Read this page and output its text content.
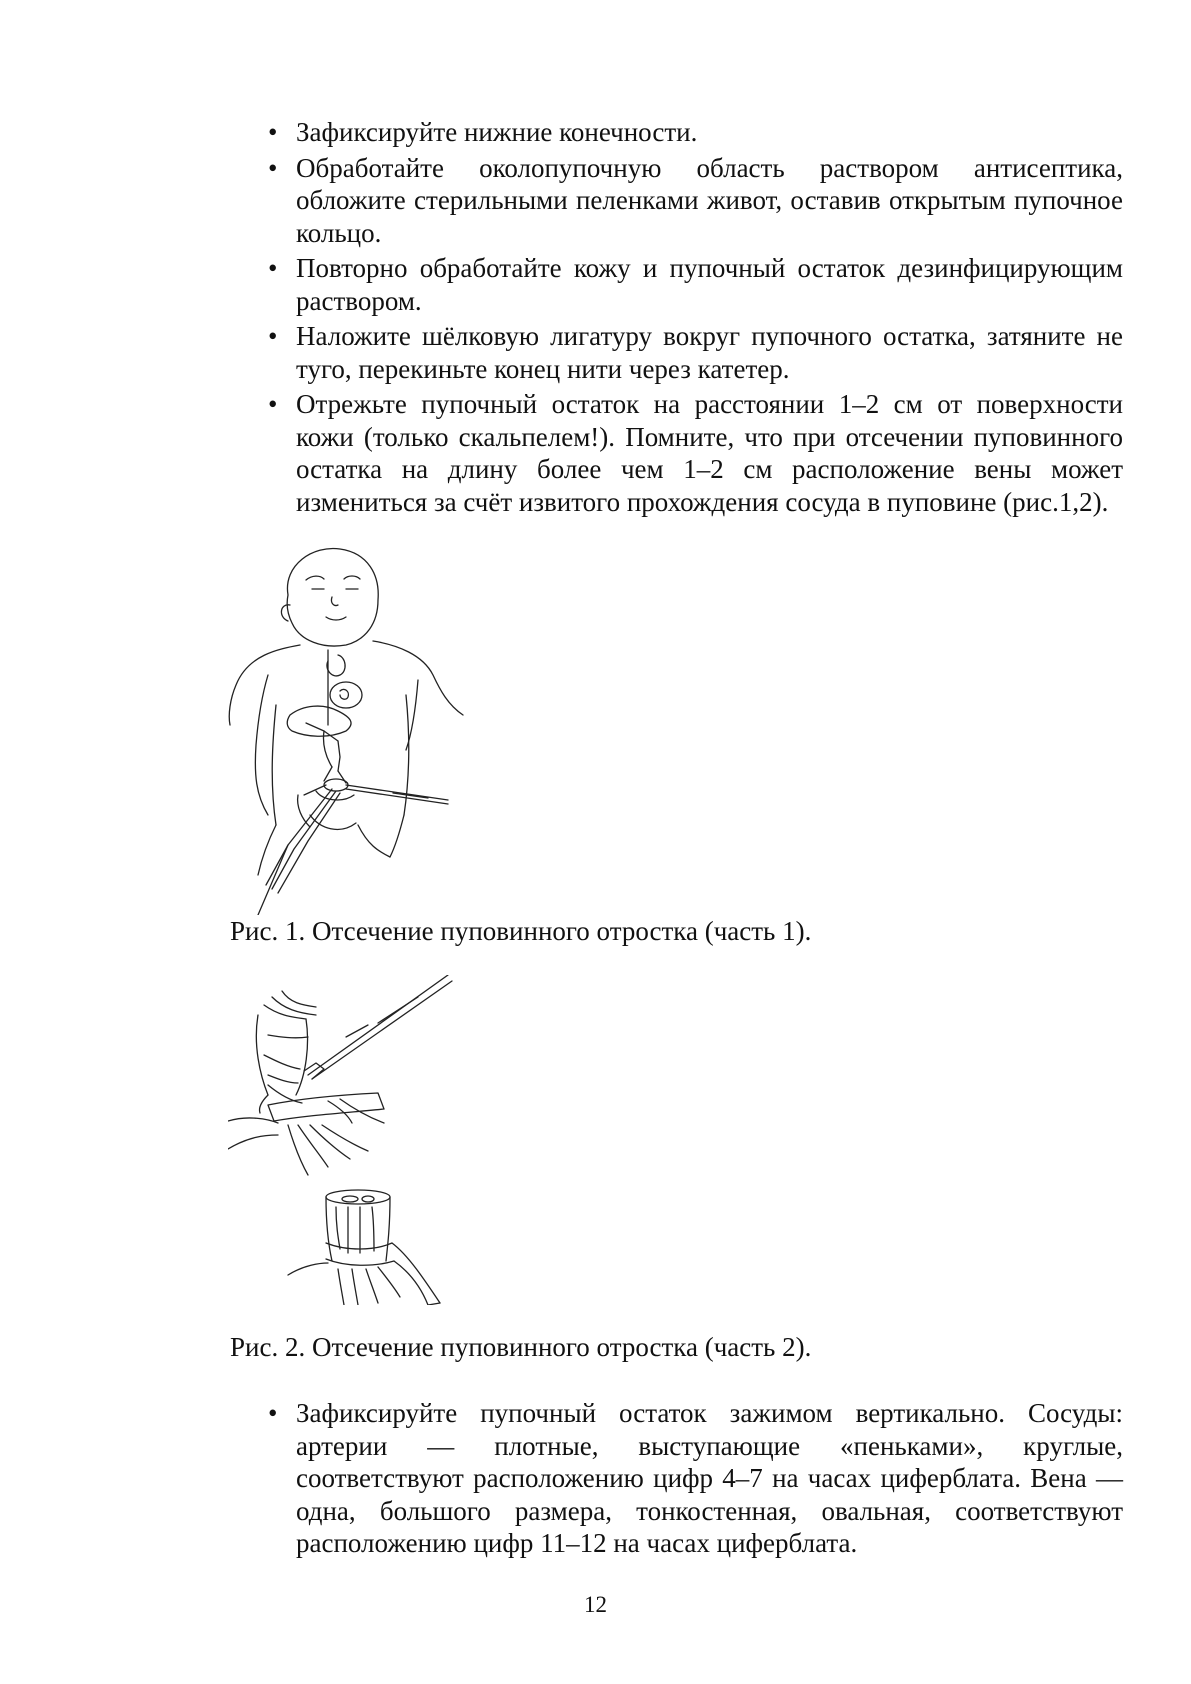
• Зафиксируйте нижние конечности.
• Обработайте околопупочную область раствором антисептика, обложите стерильными пеленками живот, оставив открытым пупочное кольцо.
• Повторно обработайте кожу и пупочный остаток дезинфицирующим раствором.
• Наложите шёлковую лигатуру вокруг пупочного остатка, затяните не туго, перекиньте конец нити через катетер.
• Отрежьте пупочный остаток на расстоянии 1–2 см от поверхности кожи (только скальпелем!). Помните, что при отсечении пуповинного остатка на длину более чем 1–2 см расположение вены может измениться за счёт извитого прохождения сосуда в пуповине (рис.1,2).
Рис. 1. Отсечение пуповинного отростка (часть 1).
Рис. 2. Отсечение пуповинного отростка (часть 2).
• Зафиксируйте пупочный остаток зажимом вертикально. Сосуды: артерии — плотные, выступающие «пеньками», круглые, соответствуют расположению цифр 4–7 на часах циферблата. Вена — одна, большого размера, тонкостенная, овальная, соответствуют расположению цифр 11–12 на часах циферблата.
12
